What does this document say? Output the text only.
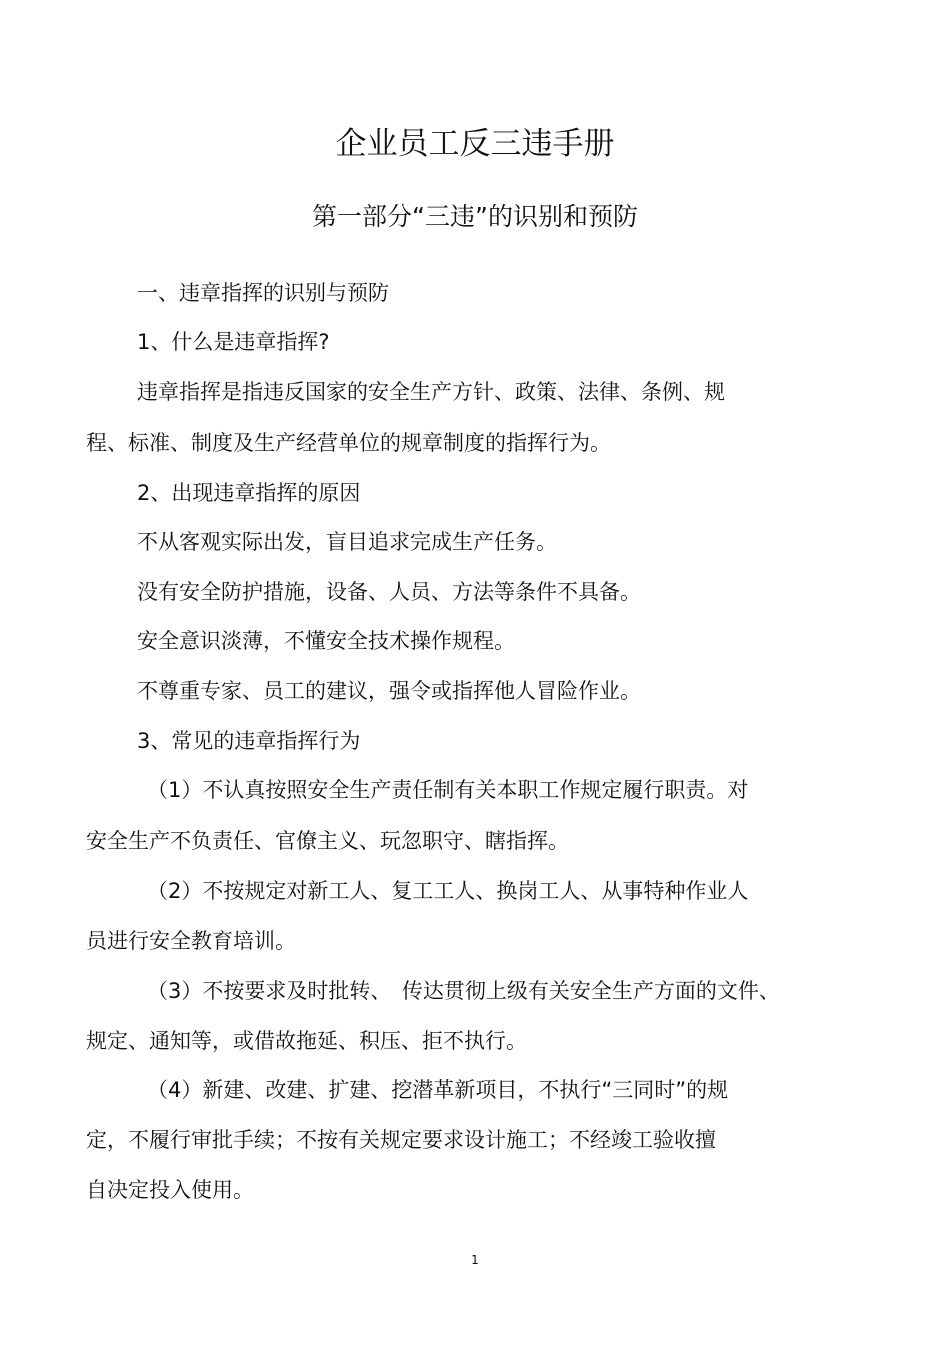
企业员工反三违手册
第一部分“三违”的识别和预防
一、违章指挥的识别与预防
1、什么是违章指挥?
违章指挥是指违反国家的安全生产方针、政策、法律、条例、规
程、标准、制度及生产经营单位的规章制度的指挥行为。
2、出现违章指挥的原因
不从客观实际出发，盲目追求完成生产任务。
没有安全防护措施，设备、人员、方法等条件不具备。
安全意识淡薄，不懂安全技术操作规程。
不尊重专家、员工的建议，强令或指挥他人冒险作业。
3、常见的违章指挥行为
（1）不认真按照安全生产责任制有关本职工作规定履行职责。对
安全生产不负责任、官僚主义、玩忽职守、瞎指挥。
（2）不按规定对新工人、复工工人、换岗工人、从事特种作业人
员进行安全教育培训。
（3）不按要求及时批转、　传达贯彻上级有关安全生产方面的文件、
规定、通知等，或借故拖延、积压、拒不执行。
（4）新建、改建、扩建、挖潜革新项目，不执行“三同时”的规
定，不履行审批手续；不按有关规定要求设计施工；不经竣工验收擅
自决定投入使用。
1
